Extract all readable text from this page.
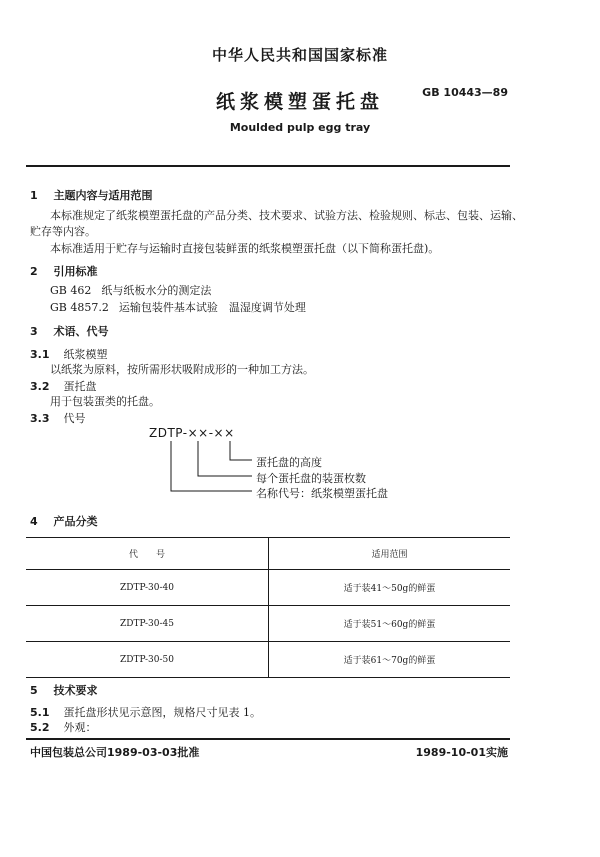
中华人民共和国国家标准
纸浆模塑蛋托盘	GB 10443—89
Moulded pulp egg tray
1 主题内容与适用范围
本标准规定了纸浆模塑蛋托盘的产品分类、技术要求、试验方法、检验规则、标志、包装、运输、
贮存等内容。
本标准适用于贮存与运输时直接包装鲜蛋的纸浆模塑蛋托盘（以下简称蛋托盘)。
2 引用标准
GB 462 纸与纸板水分的测定法
GB 4857.2 运输包装件基本试验　温湿度调节处理
3 术语、代号
3.1 纸浆模塑
以纸浆为原料，按所需形状吸附成形的一种加工方法。
3.2 蛋托盘
用于包装蛋类的托盘。
3.3 代号
ZDTP-××-××
蛋托盘的高度
每个蛋托盘的装蛋枚数
名称代号：纸浆模塑蛋托盘
4 产品分类
代　　号	适用范围
ZDTP-30-40	适于装41～50g的鲜蛋
ZDTP-30-45	适于装51～60g的鲜蛋
ZDTP-30-50	适于装61～70g的鲜蛋
5 技术要求
5.1 蛋托盘形状见示意图，规格尺寸见表 1。
5.2 外观：
中国包装总公司1989-03-03批准	1989-10-01实施
